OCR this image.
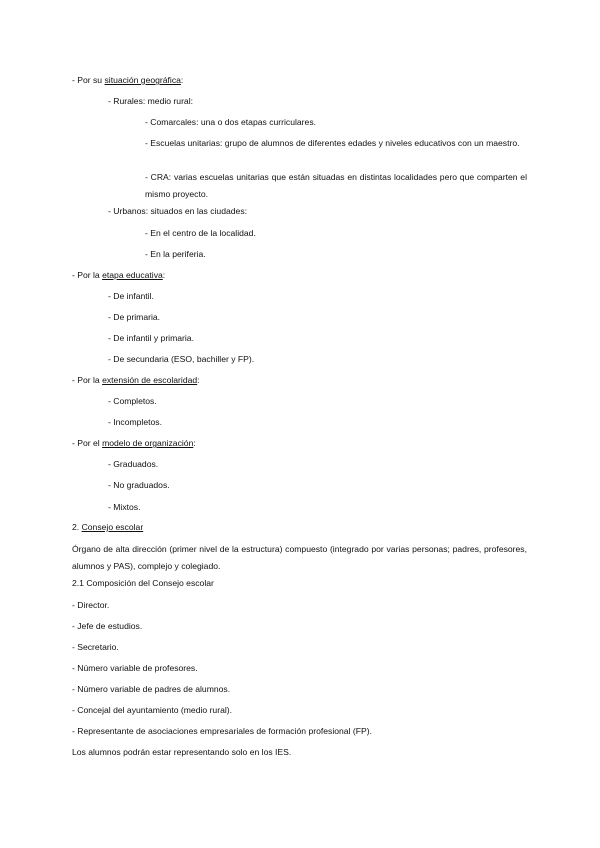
- Por su situación geográfica:
- Rurales: medio rural:
- Comarcales: una o dos etapas curriculares.
- Escuelas unitarias: grupo de alumnos de diferentes edades y niveles educativos con un maestro.
- CRA: varias escuelas unitarias que están situadas en distintas localidades pero que comparten el mismo proyecto.
- Urbanos: situados en las ciudades:
- En el centro de la localidad.
- En la periferia.
- Por la etapa educativa:
- De infantil.
- De primaria.
- De infantil y primaria.
- De secundaria (ESO, bachiller y FP).
- Por la extensión de escolaridad:
- Completos.
- Incompletos.
- Por el modelo de organización:
- Graduados.
- No graduados.
- Mixtos.
2. Consejo escolar
Órgano de alta dirección (primer nivel de la estructura) compuesto (integrado por varias personas; padres, profesores, alumnos y PAS), complejo y colegiado.
2.1 Composición del Consejo escolar
- Director.
- Jefe de estudios.
- Secretario.
- Número variable de profesores.
- Número variable de padres de alumnos.
- Concejal del ayuntamiento (medio rural).
- Representante de asociaciones empresariales de formación profesional (FP).
Los alumnos podrán estar representando solo en los IES.
